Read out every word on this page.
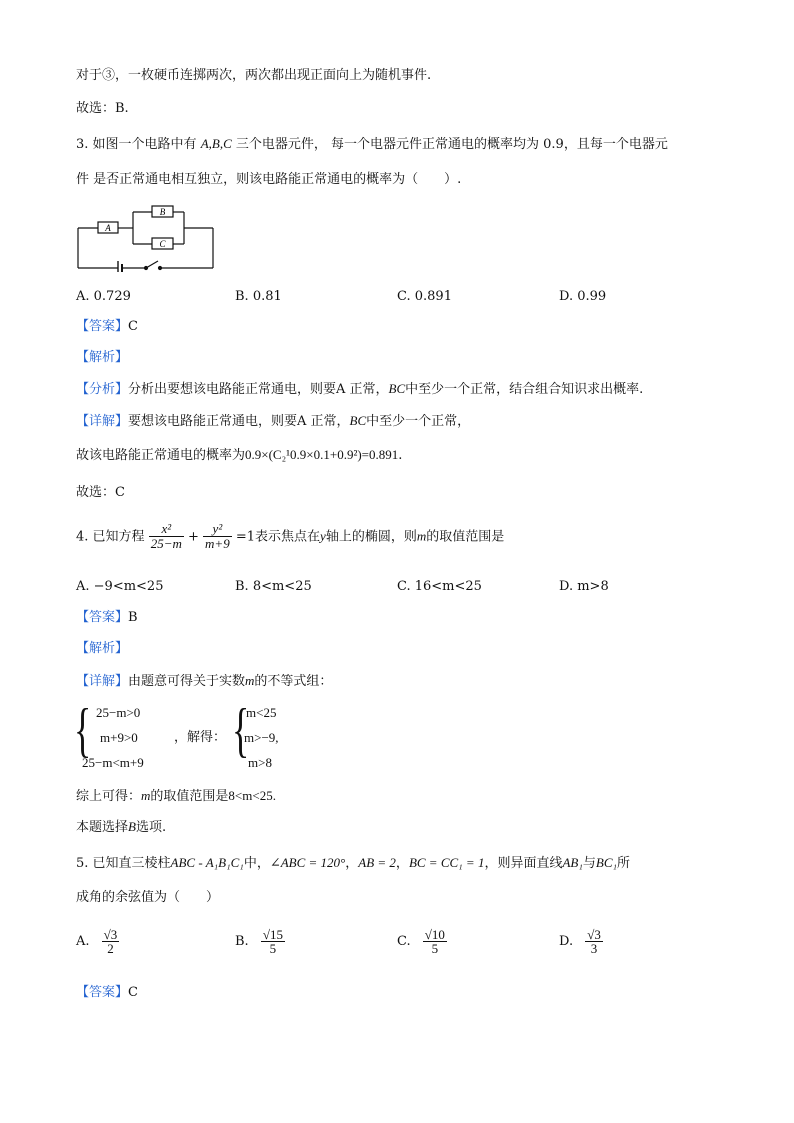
对于③，一枚硬币连掷两次，两次都出现正面向上为随机事件.
故选：B.
3. 如图一个电路中有 A,B,C 三个电器元件， 每一个电器元件正常通电的概率均为 0.9，且每一个电器元
件 是否正常通电相互独立，则该电路能正常通电的概率为（　　）.
A
B
C
A. 0.729	B. 0.81	C. 0.891	D. 0.99
【答案】C
【解析】
【分析】分析出要想该电路能正常通电，则要A 正常，BC中至少一个正常，结合组合知识求出概率.
【详解】要想该电路能正常通电，则要A 正常，BC中至少一个正常，
故该电路能正常通电的概率为0.9×(C₂¹0.9×0.1+0.9²)=0.891.
故选：C
4. 已知方程 $\frac{\text{x²}}{25-m} + \frac{\text{y²}}{m+9} =1$表示焦点在y轴上的椭圆，则m的取值范围是
A. −9<m<25	B. 8<m<25	C. 16<m<25	D. m>8
【答案】B
【解析】
【详解】由题意可得关于实数m的不等式组：
{ 25−m>0
m+9>0
25−m<m+9
，解得： {
m<25
m>−9,
m>8
综上可得：m的取值范围是8<m<25.
本题选择B选项.
5. 已知直三棱柱ABC - A₁B₁C₁中，∠ABC = 120°，AB = 2，BC = CC₁ = 1，则异面直线AB₁与BC₁所
成角的余弦值为（　　）
A. $\frac{√3}{2}$	B. $\frac{√15}{5}$	C. $\frac{√10}{5}$	D. $\frac{√3}{3}$
【答案】C
